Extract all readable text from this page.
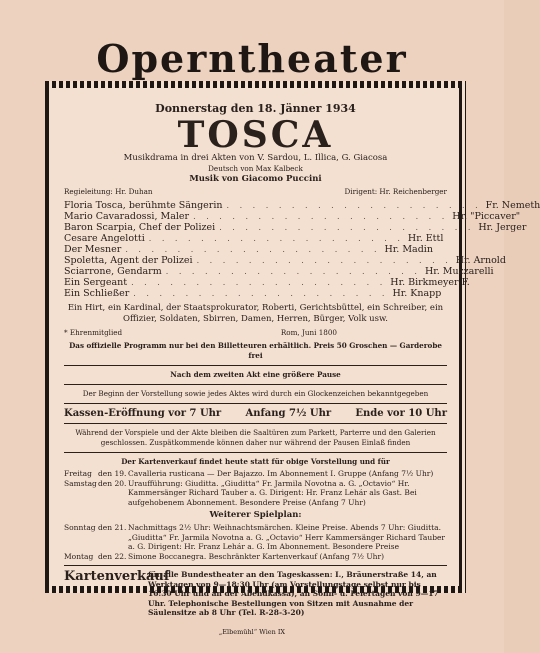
Operntheater
Donnerstag den 18. Jänner 1934
TOSCA
Musikdrama in drei Akten von V. Sardou, L. Illica, G. Giacosa
Deutsch von Max Kalbeck
Musik von Giacomo Puccini
Regieleitung: Hr. Duhan	Dirigent: Hr. Reichenberger
Floria Tosca, berühmte Sängerin . . . . . . . . . . . . . . . . . . . . Fr. Nemeth
Mario Cavaradossi, Maler . . . . . . . . . . . . . . . . . . . . Hr. "Piccaver"
Baron Scarpia, Chef der Polizei . . . . . . . . . . . . . . . . . . . . Hr. Jerger
Cesare Angelotti . . . . . . . . . . . . . . . . . . . . Hr. Ettl
Der Mesner . . . . . . . . . . . . . . . . . . . . Hr. Madin
Spoletta, Agent der Polizei . . . . . . . . . . . . . . . . . . . . Hr. Arnold
Sciarrone, Gendarm . . . . . . . . . . . . . . . . . . . . Hr. Muzzarelli
Ein Sergeant . . . . . . . . . . . . . . . . . . . . Hr. Birkmeyer F.
Ein Schließer . . . . . . . . . . . . . . . . . . . . Hr. Knapp
Ein Hirt, ein Kardinal, der Staatsprokurator, Roberti, Gerichtsbüttel, ein Schreiber, ein Offizier, Soldaten, Sbirren, Damen, Herren, Bürger, Volk usw.
* Ehrenmitglied	Rom, Juni 1800
Das offizielle Programm nur bei den Billetteuren erhältlich. Preis 50 Groschen — Garderobe frei
Nach dem zweiten Akt eine größere Pause
Der Beginn der Vorstellung sowie jedes Aktes wird durch ein Glockenzeichen bekanntgegeben
Kassen-Eröffnung vor 7 Uhr Anfang 7½ Uhr Ende vor 10 Uhr
Während der Vorspiele und der Akte bleiben die Saaltüren zum Parkett, Parterre und den Galerien geschlossen. Zuspätkommende können daher nur während der Pausen Einlaß finden
Der Kartenverkauf findet heute statt für obige Vorstellung und für
Freitag den 19. Cavalleria rusticana — Der Bajazzo. Im Abonnement I. Gruppe (Anfang 7½ Uhr)
Samstag den 20. Uraufführung: Giuditta. „Giuditta“ Fr. Jarmila Novotna a. G. „Octavio“ Hr. Kammersänger Richard Tauber a. G. Dirigent: Hr. Franz Lehár als Gast. Bei aufgehobenem Abonnement. Besondere Preise (Anfang 7 Uhr)
Weiterer Spielplan:
Sonntag den 21. Nachmittags 2½ Uhr: Weihnachtsmärchen. Kleine Preise. Abends 7 Uhr: Giuditta. „Giuditta“ Fr. Jarmila Novotna a. G. „Octavio“ Herr Kammersänger Richard Tauber a. G. Dirigent: Hr. Franz Lehár a. G. Im Abonnement. Besondere Preise
Montag den 22. Simone Boccanegra. Beschränkter Kartenverkauf (Anfang 7½ Uhr)
Kartenverkauf
für alle Bundestheater an den Tageskassen: I., Bräunerstraße 14, an Werktagen von 9—18:30 Uhr (am Vorstellungstage selbst nur bis 16:30 Uhr und an der Abendkassa), an Sonn- u. Feiertagen von 9—17 Uhr. Telephonische Bestellungen von Sitzen mit Ausnahme der Säulensitze ab 8 Uhr (Tel. R-28-3-20)
„Elbemühl“ Wien IX
